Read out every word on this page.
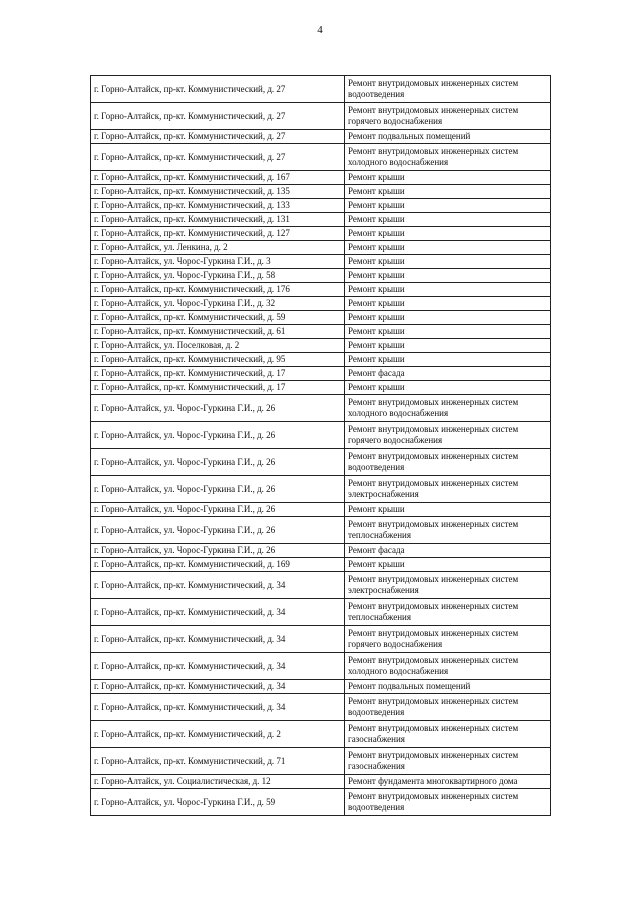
4
г. Горно-Алтайск, пр-кт. Коммунистический, д. 27	Ремонт внутридомовых инженерных систем водоотведения
г. Горно-Алтайск, пр-кт. Коммунистический, д. 27	Ремонт внутридомовых инженерных систем горячего водоснабжения
г. Горно-Алтайск, пр-кт. Коммунистический, д. 27	Ремонт подвальных помещений
г. Горно-Алтайск, пр-кт. Коммунистический, д. 27	Ремонт внутридомовых инженерных систем холодного водоснабжения
г. Горно-Алтайск, пр-кт. Коммунистический, д. 167	Ремонт крыши
г. Горно-Алтайск, пр-кт. Коммунистический, д. 135	Ремонт крыши
г. Горно-Алтайск, пр-кт. Коммунистический, д. 133	Ремонт крыши
г. Горно-Алтайск, пр-кт. Коммунистический, д. 131	Ремонт крыши
г. Горно-Алтайск, пр-кт. Коммунистический, д. 127	Ремонт крыши
г. Горно-Алтайск, ул. Ленкина, д. 2	Ремонт крыши
г. Горно-Алтайск, ул. Чорос-Гуркина Г.И., д. 3	Ремонт крыши
г. Горно-Алтайск, ул. Чорос-Гуркина Г.И., д. 58	Ремонт крыши
г. Горно-Алтайск, пр-кт. Коммунистический, д. 176	Ремонт крыши
г. Горно-Алтайск, ул. Чорос-Гуркина Г.И., д. 32	Ремонт крыши
г. Горно-Алтайск, пр-кт. Коммунистический, д. 59	Ремонт крыши
г. Горно-Алтайск, пр-кт. Коммунистический, д. 61	Ремонт крыши
г. Горно-Алтайск, ул. Поселковая, д. 2	Ремонт крыши
г. Горно-Алтайск, пр-кт. Коммунистический, д. 95	Ремонт крыши
г. Горно-Алтайск, пр-кт. Коммунистический, д. 17	Ремонт фасада
г. Горно-Алтайск, пр-кт. Коммунистический, д. 17	Ремонт крыши
г. Горно-Алтайск, ул. Чорос-Гуркина Г.И., д. 26	Ремонт внутридомовых инженерных систем холодного водоснабжения
г. Горно-Алтайск, ул. Чорос-Гуркина Г.И., д. 26	Ремонт внутридомовых инженерных систем горячего водоснабжения
г. Горно-Алтайск, ул. Чорос-Гуркина Г.И., д. 26	Ремонт внутридомовых инженерных систем водоотведения
г. Горно-Алтайск, ул. Чорос-Гуркина Г.И., д. 26	Ремонт внутридомовых инженерных систем электроснабжения
г. Горно-Алтайск, ул. Чорос-Гуркина Г.И., д. 26	Ремонт крыши
г. Горно-Алтайск, ул. Чорос-Гуркина Г.И., д. 26	Ремонт внутридомовых инженерных систем теплоснабжения
г. Горно-Алтайск, ул. Чорос-Гуркина Г.И., д. 26	Ремонт фасада
г. Горно-Алтайск, пр-кт. Коммунистический, д. 169	Ремонт крыши
г. Горно-Алтайск, пр-кт. Коммунистический, д. 34	Ремонт внутридомовых инженерных систем электроснабжения
г. Горно-Алтайск, пр-кт. Коммунистический, д. 34	Ремонт внутридомовых инженерных систем теплоснабжения
г. Горно-Алтайск, пр-кт. Коммунистический, д. 34	Ремонт внутридомовых инженерных систем горячего водоснабжения
г. Горно-Алтайск, пр-кт. Коммунистический, д. 34	Ремонт внутридомовых инженерных систем холодного водоснабжения
г. Горно-Алтайск, пр-кт. Коммунистический, д. 34	Ремонт подвальных помещений
г. Горно-Алтайск, пр-кт. Коммунистический, д. 34	Ремонт внутридомовых инженерных систем водоотведения
г. Горно-Алтайск, пр-кт. Коммунистический, д. 2	Ремонт внутридомовых инженерных систем газоснабжения
г. Горно-Алтайск, пр-кт. Коммунистический, д. 71	Ремонт внутридомовых инженерных систем газоснабжения
г. Горно-Алтайск, ул. Социалистическая, д. 12	Ремонт фундамента многоквартирного дома
г. Горно-Алтайск, ул. Чорос-Гуркина Г.И., д. 59	Ремонт внутридомовых инженерных систем водоотведения
